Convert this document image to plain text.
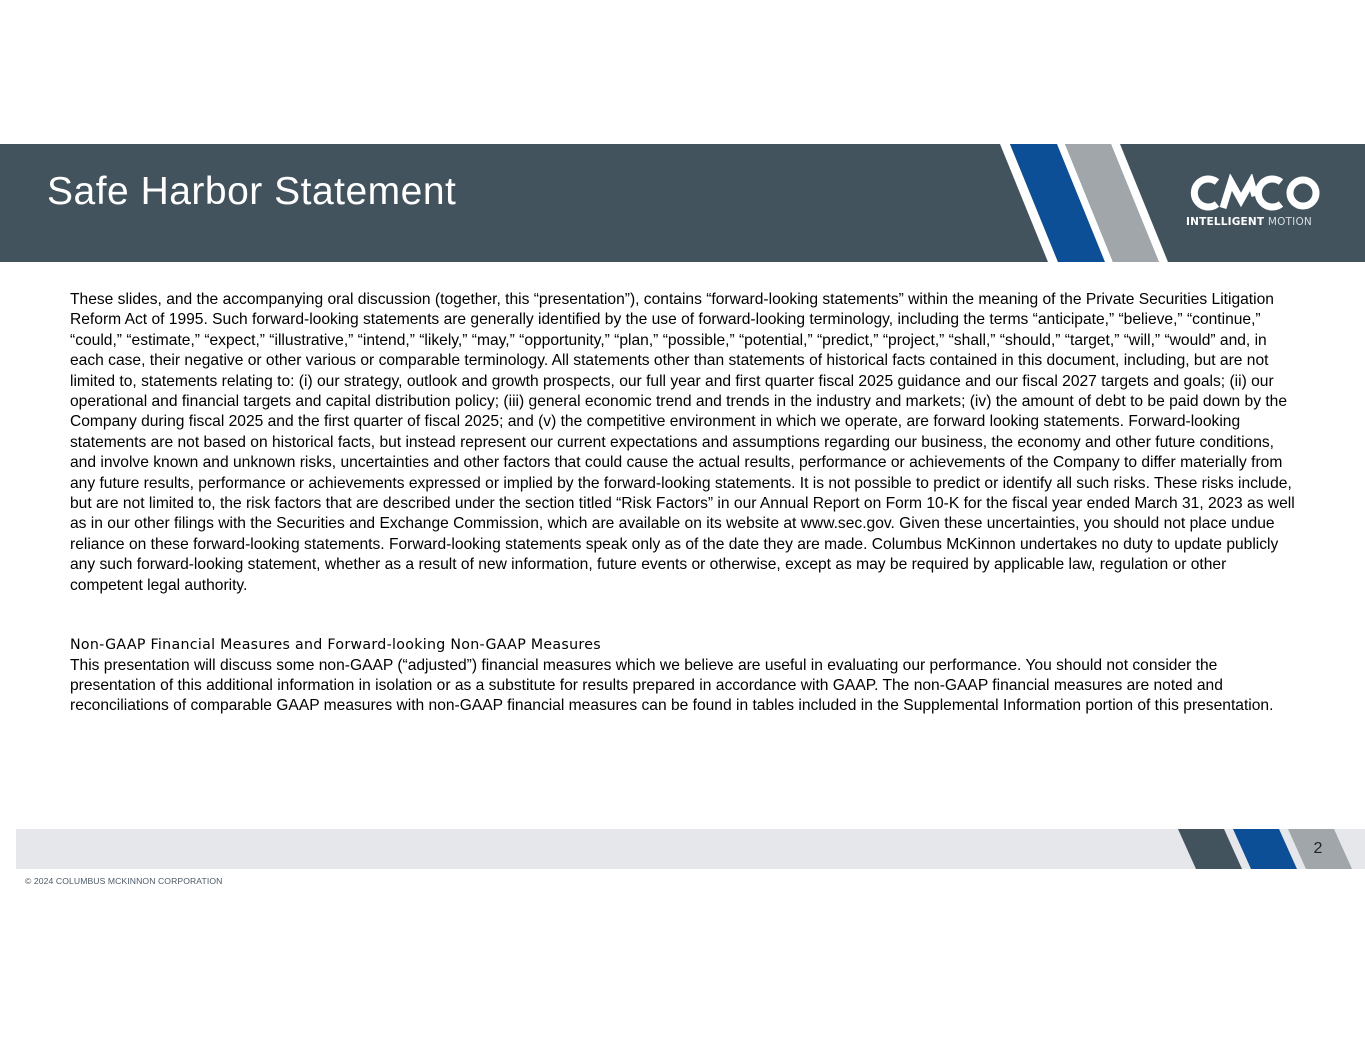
Safe Harbor Statement
INTELLIGENT MOTION

These slides, and the accompanying oral discussion (together, this “presentation”), contains “forward-looking statements” within the meaning of the Private Securities Litigation Reform Act of 1995. Such forward-looking statements are generally identified by the use of forward-looking terminology, including the terms “anticipate,” “believe,” “continue,” “could,” “estimate,” “expect,” “illustrative,” “intend,” “likely,” “may,” “opportunity,” “plan,” “possible,” “potential,” “predict,” “project,” “shall,” “should,” “target,” “will,” “would” and, in each case, their negative or other various or comparable terminology. All statements other than statements of historical facts contained in this document, including, but are not limited to, statements relating to: (i) our strategy, outlook and growth prospects, our full year and first quarter fiscal 2025 guidance and our fiscal 2027 targets and goals; (ii) our operational and financial targets and capital distribution policy; (iii) general economic trend and trends in the industry and markets; (iv) the amount of debt to be paid down by the Company during fiscal 2025 and the first quarter of fiscal 2025; and (v) the competitive environment in which we operate, are forward looking statements. Forward-looking statements are not based on historical facts, but instead represent our current expectations and assumptions regarding our business, the economy and other future conditions, and involve known and unknown risks, uncertainties and other factors that could cause the actual results, performance or achievements of the Company to differ materially from any future results, performance or achievements expressed or implied by the forward-looking statements. It is not possible to predict or identify all such risks. These risks include, but are not limited to, the risk factors that are described under the section titled “Risk Factors” in our Annual Report on Form 10-K for the fiscal year ended March 31, 2023 as well as in our other filings with the Securities and Exchange Commission, which are available on its website at www.sec.gov. Given these uncertainties, you should not place undue reliance on these forward-looking statements. Forward-looking statements speak only as of the date they are made. Columbus McKinnon undertakes no duty to update publicly any such forward-looking statement, whether as a result of new information, future events or otherwise, except as may be required by applicable law, regulation or other competent legal authority.

Non-GAAP Financial Measures and Forward-looking Non-GAAP Measures

This presentation will discuss some non-GAAP (“adjusted”) financial measures which we believe are useful in evaluating our performance. You should not consider the presentation of this additional information in isolation or as a substitute for results prepared in accordance with GAAP. The non-GAAP financial measures are noted and reconciliations of comparable GAAP measures with non-GAAP financial measures can be found in tables included in the Supplemental Information portion of this presentation.

2
© 2024 COLUMBUS MCKINNON CORPORATION
